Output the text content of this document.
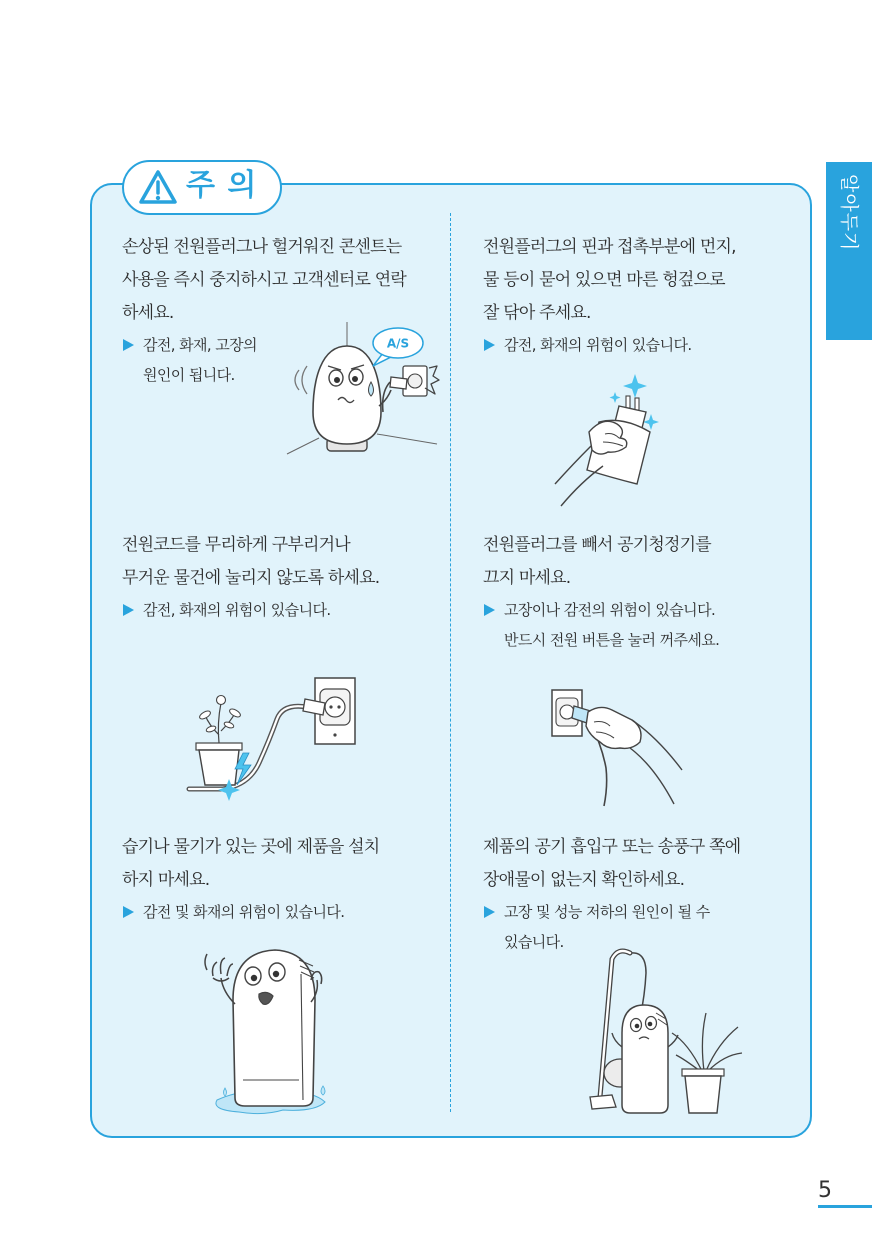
알아두기
주 의
손상된 전원플러그나 헐거워진 콘센트는
사용을 즉시 중지하시고 고객센터로 연락
하세요.
감전, 화재, 고장의
원인이 됩니다.
전원플러그의 핀과 접촉부분에 먼지,
물 등이 묻어 있으면 마른 헝겊으로
잘 닦아 주세요.
감전, 화재의 위험이 있습니다.
전원코드를 무리하게 구부리거나
무거운 물건에 눌리지 않도록 하세요.
감전, 화재의 위험이 있습니다.
전원플러그를 빼서 공기청정기를
끄지 마세요.
고장이나 감전의 위험이 있습니다.
반드시 전원 버튼을 눌러 꺼주세요.
습기나 물기가 있는 곳에 제품을 설치
하지 마세요.
감전 및 화재의 위험이 있습니다.
제품의 공기 흡입구 또는 송풍구 쪽에
장애물이 없는지 확인하세요.
고장 및 성능 저하의 원인이 될 수
있습니다.
A/S
5
